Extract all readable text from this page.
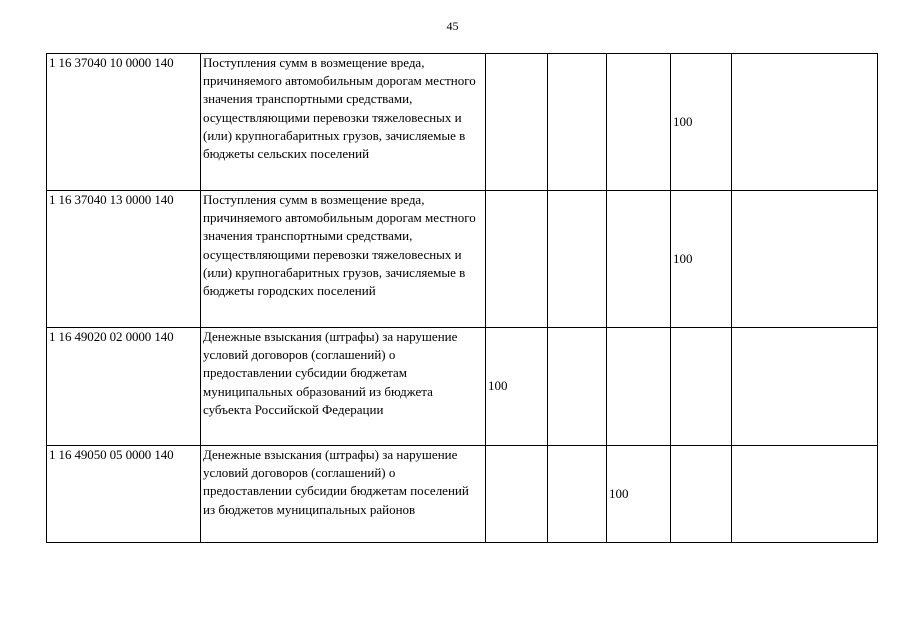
45
1 16 37040 10 0000 140	Поступления сумм в возмещение вреда, причиняемого автомобильным дорогам местного значения транспортными средствами, осуществляющими перевозки тяжеловесных и (или) крупногабаритных грузов, зачисляемые в бюджеты сельских поселений				100	
1 16 37040 13 0000 140	Поступления сумм в возмещение вреда, причиняемого автомобильным дорогам местного значения транспортными средствами, осуществляющими перевозки тяжеловесных и (или) крупногабаритных грузов, зачисляемые в бюджеты городских поселений				100	
1 16 49020 02 0000 140	Денежные взыскания (штрафы) за нарушение условий договоров (соглашений) о предоставлении субсидии бюджетам муниципальных образований из бюджета субъекта Российской Федерации	100				
1 16 49050 05 0000 140	Денежные взыскания (штрафы) за нарушение условий договоров (соглашений) о предоставлении субсидии бюджетам поселений из бюджетов муниципальных районов			100		
